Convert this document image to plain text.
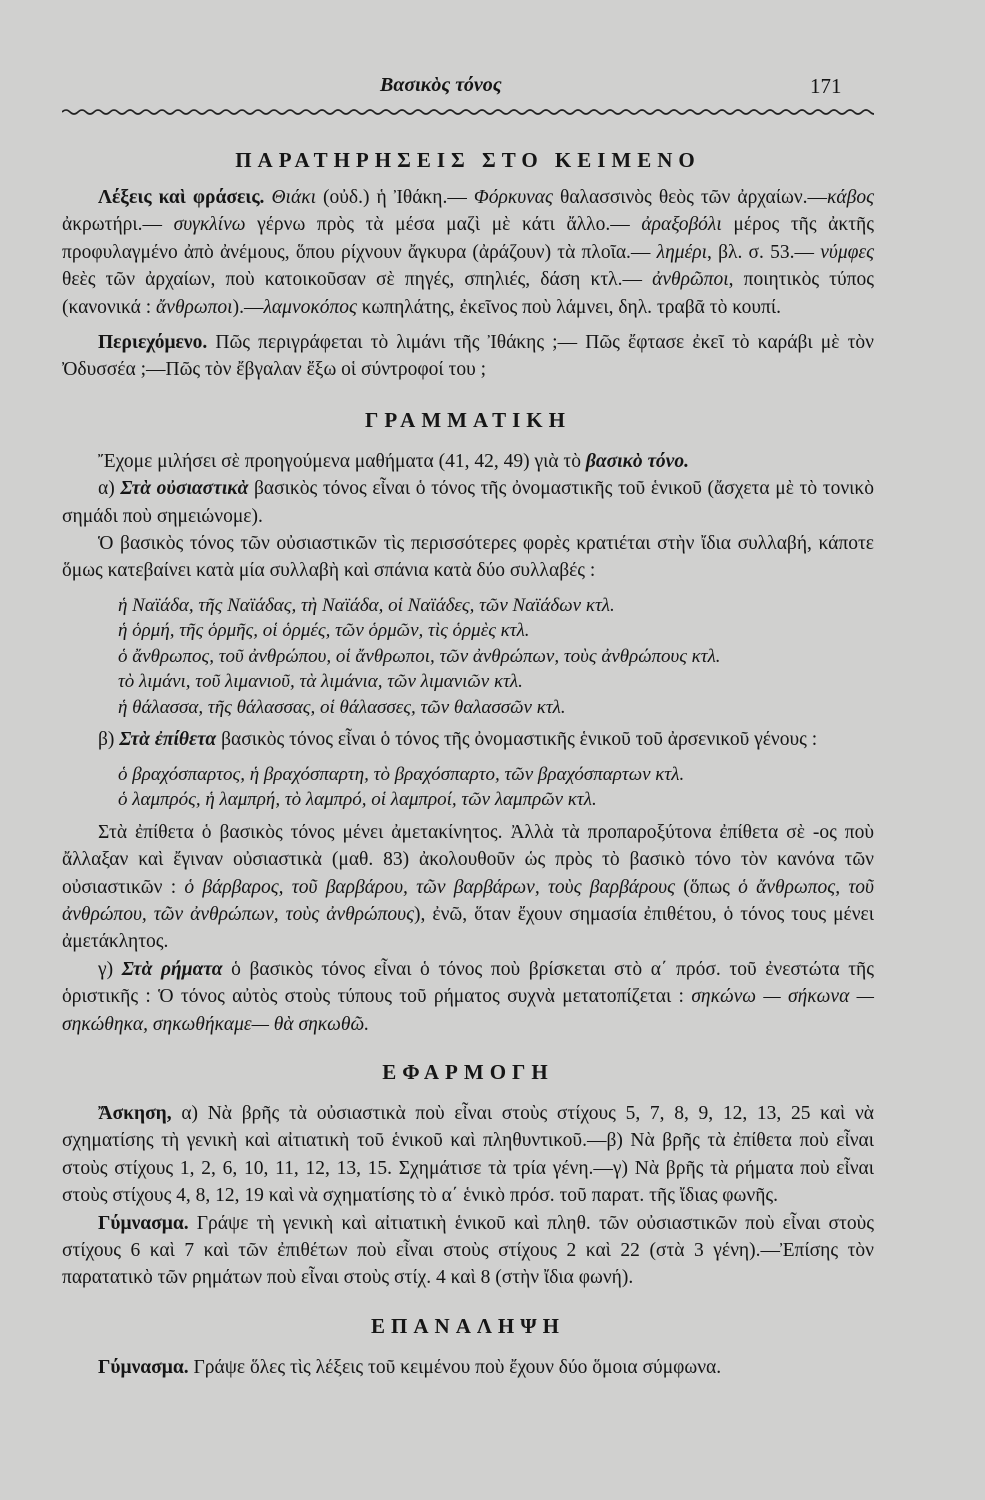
Βασικὸς τόνος	171
ΠΑΡΑΤΗΡΗΣΕΙΣ ΣΤΟ ΚΕΙΜΕΝΟ

Λέξεις καὶ φράσεις. Θιάκι (οὐδ.) ἡ Ἰθάκη.— Φόρκυνας θαλασσινὸς θεὸς τῶν ἀρχαίων.—κάβος ἀκρωτήρι.— συγκλίνω γέρνω πρὸς τὰ μέσα μαζὶ μὲ κάτι ἄλλο.— ἀραξοβόλι μέρος τῆς ἀκτῆς προφυλαγμένο ἀπὸ ἀνέμους, ὅπου ρίχνουν ἄγκυρα (ἀράζουν) τὰ πλοῖα.— λημέρι, βλ. σ. 53.— νύμφες θεὲς τῶν ἀρχαίων, ποὺ κατοικοῦσαν σὲ πηγές, σπηλιές, δάση κτλ.— ἀνθρῶποι, ποιητικὸς τύπος (κανονικά : ἄνθρωποι).—λαμνοκόπος κωπηλάτης, ἐκεῖνος ποὺ λάμνει, δηλ. τραβᾶ τὸ κουπί.

Περιεχόμενο. Πῶς περιγράφεται τὸ λιμάνι τῆς Ἰθάκης ;— Πῶς ἔφτασε ἐκεῖ τὸ καράβι μὲ τὸν Ὀδυσσέα ;—Πῶς τὸν ἔβγαλαν ἔξω οἱ σύντροφοί του ;

ΓΡΑΜΜΑΤΙΚΗ

Ἔχομε μιλήσει σὲ προηγούμενα μαθήματα (41, 42, 49) γιὰ τὸ βασικὸ τόνο.

α) Στὰ οὐσιαστικὰ βασικὸς τόνος εἶναι ὁ τόνος τῆς ὀνομαστικῆς τοῦ ἑνικοῦ (ἄσχετα μὲ τὸ τονικὸ σημάδι ποὺ σημειώνομε).

Ὁ βασικὸς τόνος τῶν οὐσιαστικῶν τὶς περισσότερες φορὲς κρατιέται στὴν ἴδια συλλαβή, κάποτε ὅμως κατεβαίνει κατὰ μία συλλαβὴ καὶ σπάνια κατὰ δύο συλλαβές :

ἡ Ναϊάδα, τῆς Ναϊάδας, τὴ Ναϊάδα, οἱ Ναϊάδες, τῶν Ναϊάδων κτλ.

ἡ ὁρμή, τῆς ὁρμῆς, οἱ ὁρμές, τῶν ὁρμῶν, τὶς ὁρμὲς κτλ.

ὁ ἄνθρωπος, τοῦ ἀνθρώπου, οἱ ἄνθρωποι, τῶν ἀνθρώπων, τοὺς ἀνθρώπους κτλ.

τὸ λιμάνι, τοῦ λιμανιοῦ, τὰ λιμάνια, τῶν λιμανιῶν κτλ.

ἡ θάλασσα, τῆς θάλασσας, οἱ θάλασσες, τῶν θαλασσῶν κτλ.

β) Στὰ ἐπίθετα βασικὸς τόνος εἶναι ὁ τόνος τῆς ὀνομαστικῆς ἑνικοῦ τοῦ ἀρσενικοῦ γένους :

ὁ βραχόσπαρτος, ἡ βραχόσπαρτη, τὸ βραχόσπαρτο, τῶν βραχόσπαρτων κτλ.

ὁ λαμπρός, ἡ λαμπρή, τὸ λαμπρό, οἱ λαμπροί, τῶν λαμπρῶν κτλ.

Στὰ ἐπίθετα ὁ βασικὸς τόνος μένει ἀμετακίνητος. Ἀλλὰ τὰ προπαροξύτονα ἐπίθετα σὲ -ος ποὺ ἄλλαξαν καὶ ἔγιναν οὐσιαστικὰ (μαθ. 83) ἀκολουθοῦν ὡς πρὸς τὸ βασικὸ τόνο τὸν κανόνα τῶν οὐσιαστικῶν : ὁ βάρβαρος, τοῦ βαρβάρου, τῶν βαρβάρων, τοὺς βαρβάρους (ὅπως ὁ ἄνθρωπος, τοῦ ἀνθρώπου, τῶν ἀνθρώπων, τοὺς ἀνθρώπους), ἐνῶ, ὅταν ἔχουν σημασία ἐπιθέτου, ὁ τόνος τους μένει ἀμετάκλητος.

γ) Στὰ ρήματα ὁ βασικὸς τόνος εἶναι ὁ τόνος ποὺ βρίσκεται στὸ α΄ πρόσ. τοῦ ἐνεστώτα τῆς ὁριστικῆς : Ὁ τόνος αὐτὸς στοὺς τύπους τοῦ ρήματος συχνὰ μετατοπίζεται : σηκώνω — σήκωνα — σηκώθηκα, σηκωθήκαμε— θὰ σηκωθῶ.

ΕΦΑΡΜΟΓΗ

Ἄσκηση, α) Νὰ βρῆς τὰ οὐσιαστικὰ ποὺ εἶναι στοὺς στίχους 5, 7, 8, 9, 12, 13, 25 καὶ νὰ σχηματίσης τὴ γενικὴ καὶ αἰτιατικὴ τοῦ ἑνικοῦ καὶ πληθυντικοῦ.—β) Νὰ βρῆς τὰ ἐπίθετα ποὺ εἶναι στοὺς στίχους 1, 2, 6, 10, 11, 12, 13, 15. Σχημάτισε τὰ τρία γένη.—γ) Νὰ βρῆς τὰ ρήματα ποὺ εἶναι στοὺς στίχους 4, 8, 12, 19 καὶ νὰ σχηματίσης τὸ α΄ ἑνικὸ πρόσ. τοῦ παρατ. τῆς ἴδιας φωνῆς.

Γύμνασμα. Γράψε τὴ γενικὴ καὶ αἰτιατικὴ ἑνικοῦ καὶ πληθ. τῶν οὐσιαστικῶν ποὺ εἶναι στοὺς στίχους 6 καὶ 7 καὶ τῶν ἐπιθέτων ποὺ εἶναι στοὺς στίχους 2 καὶ 22 (στὰ 3 γένη).—Ἐπίσης τὸν παρατατικὸ τῶν ρημάτων ποὺ εἶναι στοὺς στίχ. 4 καὶ 8 (στὴν ἴδια φωνή).

ΕΠΑΝΑΛΗΨΗ

Γύμνασμα. Γράψε ὅλες τὶς λέξεις τοῦ κειμένου ποὺ ἔχουν δύο ὅμοια σύμφωνα.
